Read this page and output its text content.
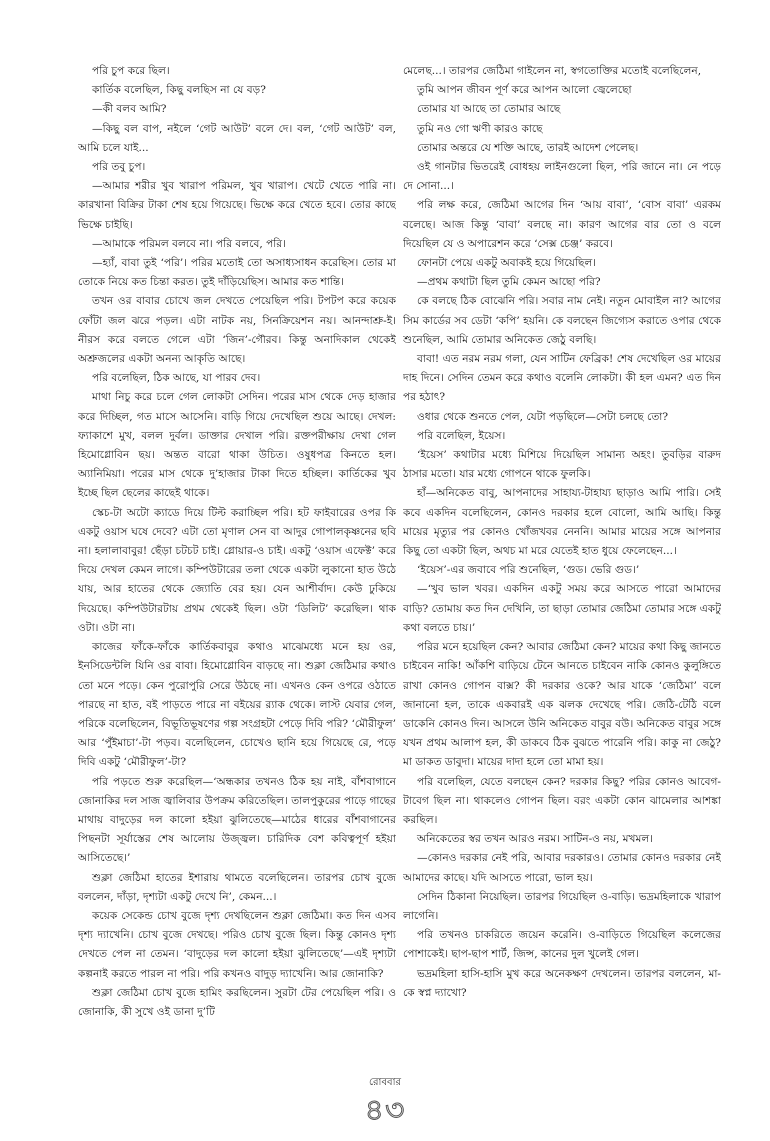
পরি চুপ করে ছিল।

কার্তিক বলেছিল, কিছু বলছিস না যে বড়?

—কী বলব আমি?

—কিছু বল বাপ, নইলে ‘গেট আউট’ বলে দে। বল, ‘গেট আউট’ বল, আমি চলে যাই...

পরি তবু চুপ।

—আমার শরীর খুব খারাপ পরিমল, খুব খারাপ। খেটে খেতে পারি না। কারখানা বিক্রির টাকা শেষ হয়ে গিয়েছে। ভিক্ষে করে খেতে হবে। তোর কাছে ভিক্ষে চাইছি।

—আমাকে পরিমল বলবে না। পরি বলবে, পরি।

—হ্যাঁ, বাবা তুই ‘পরি’। পরির মতোই তো অসাধ্যসাধন করেছিস। তোর মা তোকে নিয়ে কত চিন্তা করত। তুই দাঁড়িয়েছিস। আমার কত শান্তি।

তখন ওর বাবার চোখে জল দেখতে পেয়েছিল পরি। টপটপ করে কয়েক ফোঁটা জল ঝরে পড়ল। এটা নাটক নয়, সিনক্রিয়েশন নয়। আনন্দাশ্রু-ই। নীরস করে বলতে গেলে এটা ‘জিন’-গৌরব। কিন্তু অনাদিকাল থেকেই অশ্রুজলের একটা অনন্য আকৃতি আছে।

পরি বলেছিল, ঠিক আছে, যা পারব দেব।

মাথা নিচু করে চলে গেল লোকটা সেদিন। পরের মাস থেকে দেড় হাজার করে দিচ্ছিল, গত মাসে আসেনি। বাড়ি গিয়ে দেখেছিল শুয়ে আছে। দেখল: ফ্যাকাশে মুখ, বলল দুর্বল। ডাক্তার দেখাল পরি। রক্তপরীক্ষায় দেখা গেল হিমোগ্লোবিন ছয়। অন্তত বারো থাকা উচিত। ওষুধপত্র কিনতে হল। অ্যানিমিয়া। পরের মাস থেকে দু’হাজার টাকা দিতে হচ্ছিল। কার্তিকের খুব ইচ্ছে ছিল ছেলের কাছেই থাকে।

স্কেচ-টা অটো ক্যাডে দিয়ে টিল্ট করাচ্ছিল পরি। হট ফাইবারের ওপর কি একটু ওয়াস ঘষে দেবে? এটা তো মৃণাল সেন বা আদুর গোপালকৃষ্ণনের ছবি না। হলালাবাবুর! ছেঁড়া চটচট চাই। গ্লোয়ার-ও চাই। একটু ‘ওয়াস এফেক্ট’ করে দিয়ে দেখল কেমন লাগে। কম্পিউটারের তলা থেকে একটা লুকানো হাত উঠে যায়, আর হাতের থেকে জ্যোতি বের হয়। যেন আশীর্বাদ। কেউ ঢুকিয়ে দিয়েছে। কম্পিউটারটায় প্রথম থেকেই ছিল। ওটা ‘ডিলিট’ করেছিল। থাক ওটা। ওটা না।

কাজের ফাঁকে-ফাঁকে কার্তিকবাবুর কথাও মাঝেমধ্যে মনে হয় ওর, ইনসিডেন্টলি যিনি ওর বাবা। হিমোগ্লোবিন বাড়ছে না। শুক্লা জেঠিমার কথাও তো মনে পড়ে। কেন পুরোপুরি সেরে উঠছে না। এখনও কেন ওপরে ওঠাতে পারছে না হাত, বই পাড়তে পারে না বইয়ের র‍্যাক থেকে। লাস্ট যেবার গেল, পরিকে বলেছিলেন, বিভূতিভূষণের গল্প সংগ্রহটা পেড়ে দিবি পরি? ‘মৌরীফুল’ আর ‘পুঁইমাচা’-টা পড়ব। বলেছিলেন, চোখেও ছানি হয়ে গিয়েছে রে, পড়ে দিবি একটু ‘মৌরীফুল’-টা?

পরি পড়তে শুরু করেছিল—‘অন্ধকার তখনও ঠিক হয় নাই, বাঁশবাগানে জোনাকির দল সাজ জ্বালিবার উপক্রম করিতেছিল। তালপুকুরের পাড়ে গাছের মাথায় বাদুড়ের দল কালো হইয়া ঝুলিতেছে—মাঠের ধারের বাঁশবাগানের পিছনটা সূর্যাস্তের শেষ আলোয় উজ্জ্বল। চারিদিক বেশ কবিত্বপূর্ণ হইয়া আসিতেছে।’

শুক্লা জেঠিমা হাতের ইশারায় থামতে বলেছিলেন। তারপর চোখ বুজে বললেন, দাঁড়া, দৃশ্যটা একটু দেখে নি’, কেমন...।

কয়েক সেকেন্ড চোখ বুজে দৃশ্য দেখছিলেন শুক্লা জেঠিমা। কত দিন এসব দৃশ্য দ্যাখেনি। চোখ বুজে দেখছে। পরিও চোখ বুজে ছিল। কিন্তু কোনও দৃশ্য দেখতে পেল না তেমন। ‘বাদুড়ের দল কালো হইয়া ঝুলিতেছে’—এই দৃশ্যটা কল্পনাই করতে পারল না পরি। পরি কখনও বাদুড় দ্যাখেনি। আর জোনাকি?

শুক্লা জেঠিমা চোখ বুজে হামিং করছিলেন। সুরটা টের পেয়েছিল পরি। ও জোনাকি, কী সুখে ওই ডানা দু’টি

মেলেছ...। তারপর জেঠিমা গাইলেন না, স্বগতোক্তির মতোই বলেছিলেন,

তুমি আপন জীবন পূর্ণ করে আপন আলো জ্বেলেছো

তোমার যা আছে তা তোমার আছে

তুমি নও গো ঋণী কারও কাছে

তোমার অন্তরে যে শক্তি আছে, তারই আদেশ পেলেছ।

ওই গানটার ভিতরেই বোধহয় লাইনগুলো ছিল, পরি জানে না। নে পড়ে দে সোনা...।

পরি লক্ষ করে, জেঠিমা আগের দিন ‘আয় বাবা’, ‘বোস বাবা’ এরকম বলেছে। আজ কিন্তু ‘বাবা’ বলছে না। কারণ আগের বার তো ও বলে দিয়েছিল যে ও অপারেশন করে ‘সেক্স চেঞ্জ’ করবে।

ফোনটা পেয়ে একটু অবাকই হয়ে গিয়েছিল।

—প্রথম কথাটা ছিল তুমি কেমন আছো পরি?

কে বলছে ঠিক বোঝেনি পরি। সবার নাম নেই। নতুন মোবাইল না? আগের সিম কার্ডের সব ডেটা ‘কপি’ হয়নি। কে বলছেন জিগ্যেস করাতে ওপার থেকে শুনেছিল, আমি তোমার অনিকেত জেঠু বলছি।

বাবা! এত নরম নরম গলা, যেন সাটিন ফেব্রিক! শেষ দেখেছিল ওর মায়ের দাহ দিনে। সেদিন তেমন করে কথাও বলেনি লোকটা। কী হল এমন? এত দিন পর হঠাৎ?

ওধার থেকে শুনতে পেল, যেটা পড়ছিলে—সেটা চলছে তো?

পরি বলেছিল, ইয়েস।

‘ইয়েস’ কথাটার মধ্যে মিশিয়ে দিয়েছিল সামান্য অহং। তুবড়ির বারুদ ঠাসার মতো। যার মধ্যে গোপনে থাকে ফুলকি।

হাঁ—অনিকেত বাবু, আপনাদের সাহায্য-টাহায্য ছাড়াও আমি পারি। সেই কবে একদিন বলেছিলেন, কোনও দরকার হলে বোলো, আমি আছি। কিন্তু মায়ের মৃত্যুর পর কোনও খোঁজখবর নেননি। আমার মায়ের সঙ্গে আপনার কিছু তো একটা ছিল, অথচ মা মরে যেতেই হাত ধুয়ে ফেলেছেন...।

‘ইয়েস’-এর জবাবে পরি শুনেছিল, ‘গুড। ভেরি গুড।’

—‘খুব ভাল খবর। একদিন একটু সময় করে আসতে পারো আমাদের বাড়ি? তোমায় কত দিন দেখিনি, তা ছাড়া তোমার জেঠিমা তোমার সঙ্গে একটু কথা বলতে চায়।’

পরির মনে হয়েছিল কেন? আবার জেঠিমা কেন? মায়ের কথা কিছু জানতে চাইবেন নাকি! আঁকশি বাড়িয়ে টেনে আনতে চাইবেন নাকি কোনও কুলুঙ্গিতে রাখা কোনও গোপন বাক্স? কী দরকার ওকে? আর যাকে ‘জেঠিমা’ বলে জানানো হল, তাকে একবারই এক ঝলক দেখেছে পরি। জেঠি-টেঠি বলে ডাকেনি কোনও দিন। আসলে উনি অনিকেত বাবুর বউ। অনিকেত বাবুর সঙ্গে যখন প্রথম আলাপ হল, কী ডাকবে ঠিক বুঝতে পারেনি পরি। কাকু না জেঠু? মা ডাকত ডাবুদা। মায়ের দাদা হলে তো মামা হয়।

পরি বলেছিল, যেতে বলছেন কেন? দরকার কিছু? পরির কোনও আবেগ-টাবেগ ছিল না। থাকলেও গোপন ছিল। বরং একটা কোন ঝামেলার আশঙ্কা করছিল।

অনিকেতের স্বর তখন আরও নরম। সাটিন-ও নয়, মখমল।

—কোনও দরকার নেই পরি, আবার দরকারও। তোমার কোনও দরকার নেই আমাদের কাছে। যদি আসতে পারো, ভাল হয়।

সেদিন ঠিকানা নিয়েছিল। তারপর গিয়েছিল ও-বাড়ি। ভদ্রমহিলাকে খারাপ লাগেনি।

পরি তখনও চাকরিতে জয়েন করেনি। ও-বাড়িতে গিয়েছিল কলেজের পোশাকেই। ছাপ-ছাপ শার্ট, জিন্স, কানের দুল খুলেই গেল।

ভদ্রমহিলা হাসি-হাসি মুখ করে অনেকক্ষণ দেখলেন। তারপর বললেন, মা-কে স্বপ্ন দ্যাখো?

রোববার
৪৩
